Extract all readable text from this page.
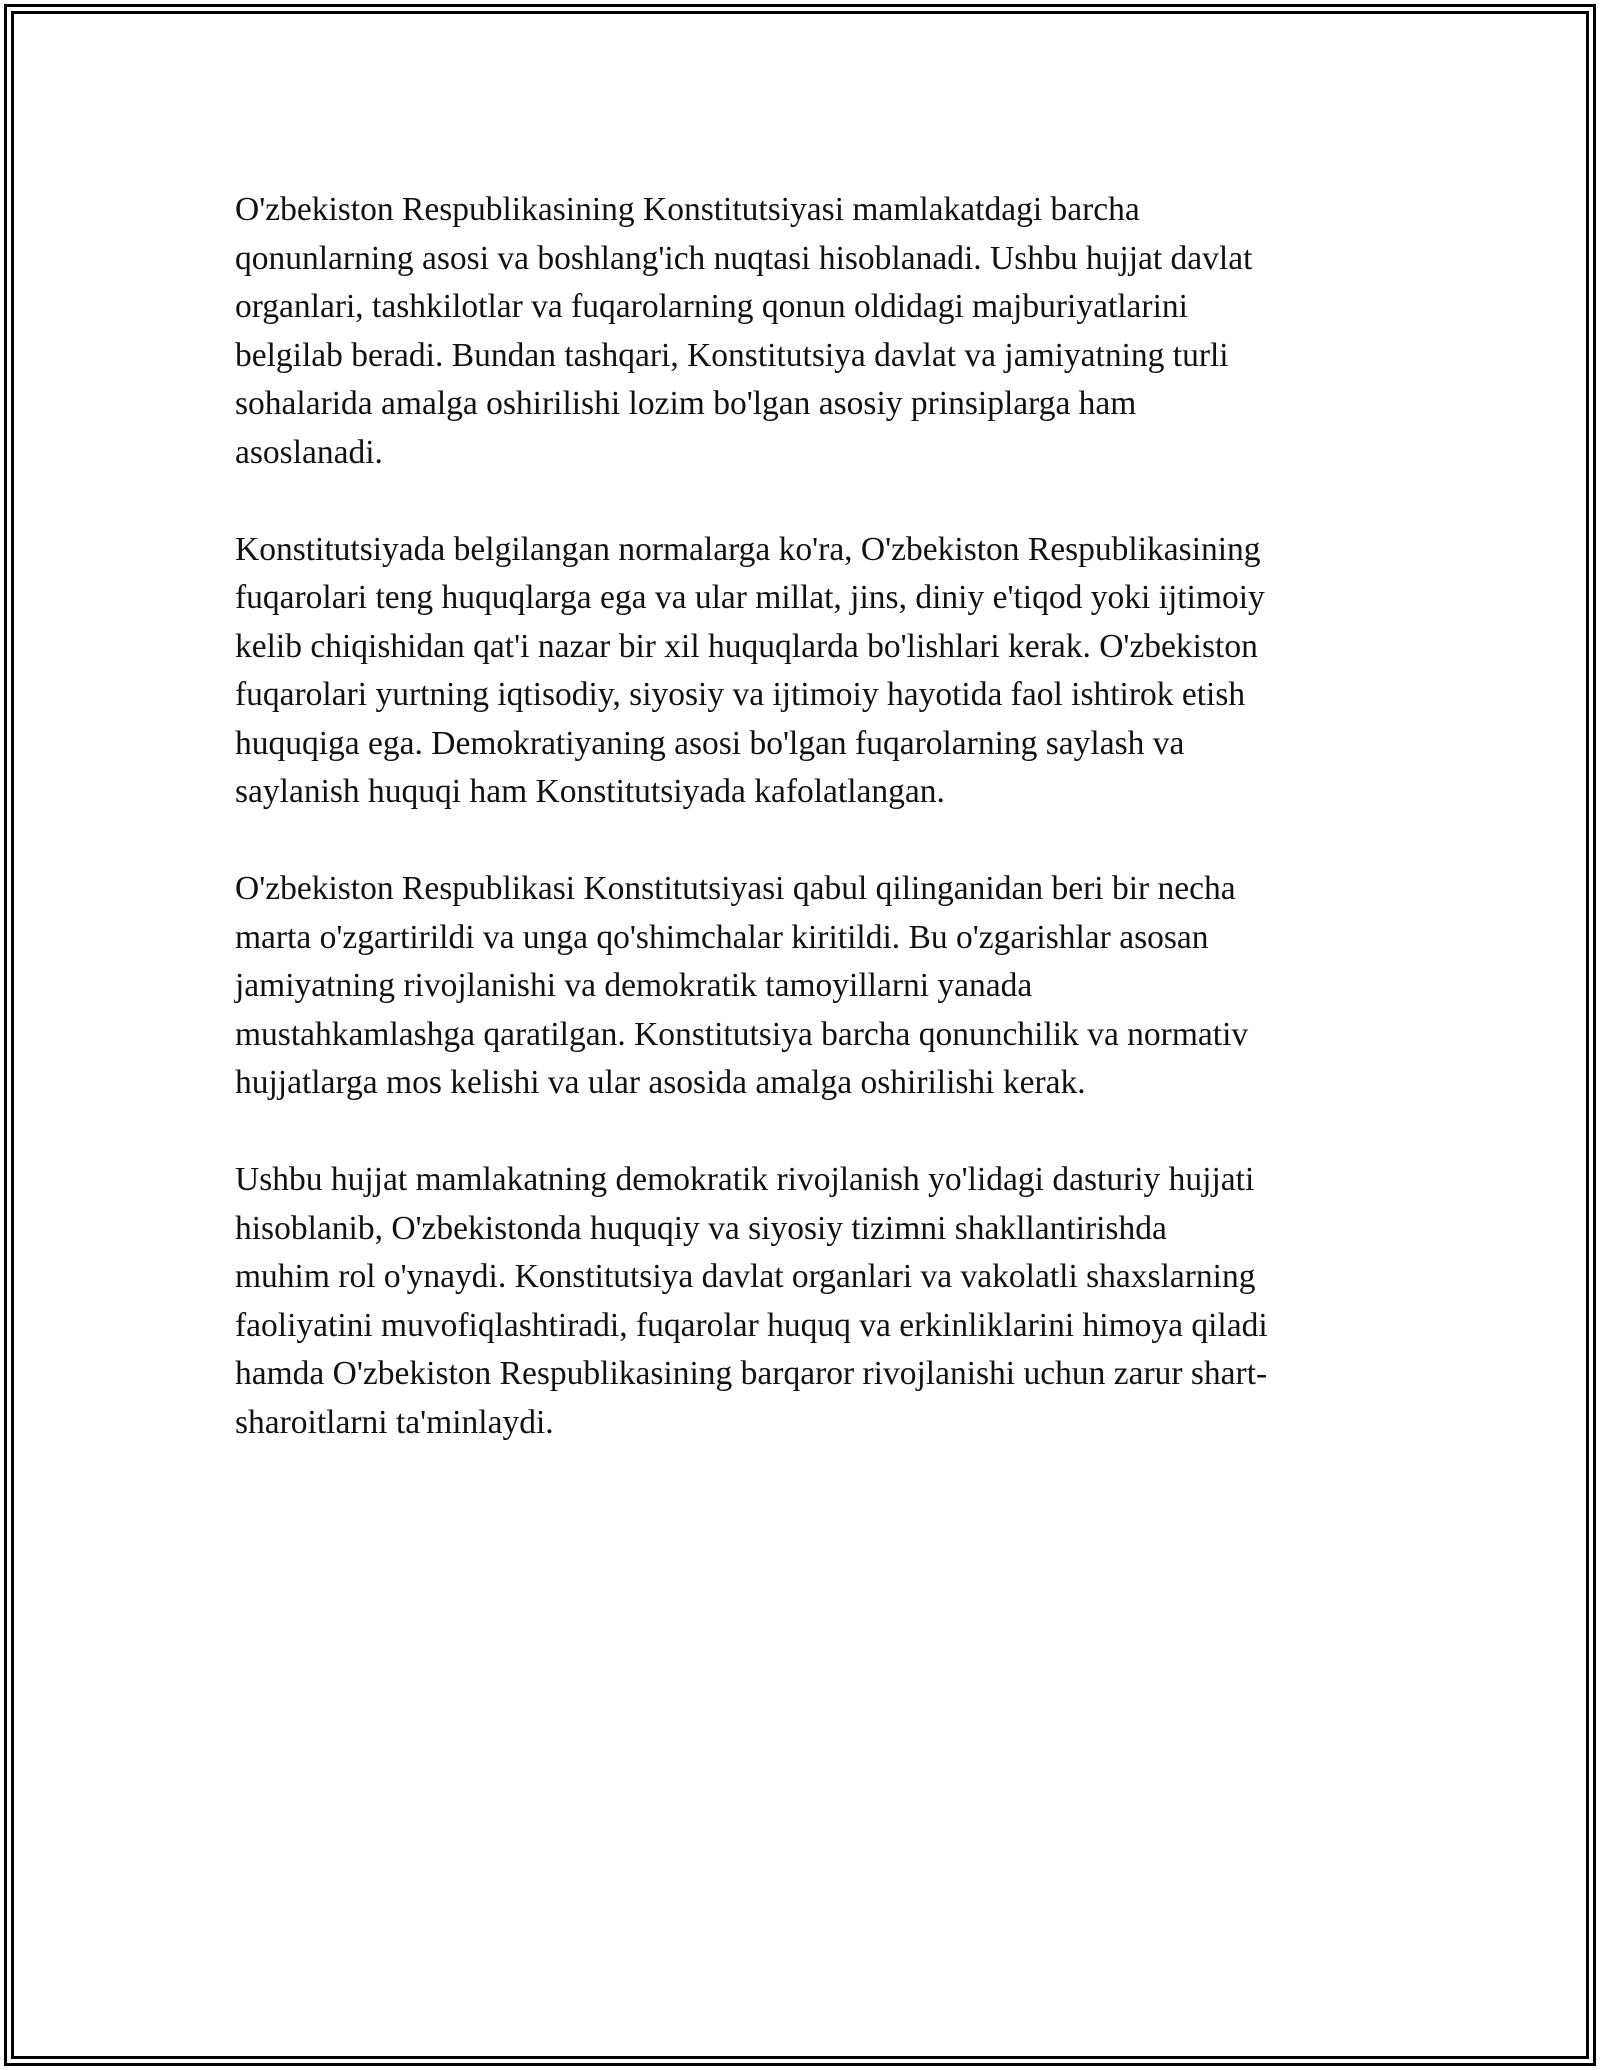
O'zbekiston Respublikasining Konstitutsiyasi mamlakatdagi barcha
qonunlarning asosi va boshlang'ich nuqtasi hisoblanadi. Ushbu hujjat davlat
organlari, tashkilotlar va fuqarolarning qonun oldidagi majburiyatlarini
belgilab beradi. Bundan tashqari, Konstitutsiya davlat va jamiyatning turli
sohalarida amalga oshirilishi lozim bo'lgan asosiy prinsiplarga ham
asoslanadi.

Konstitutsiyada belgilangan normalarga ko'ra, O'zbekiston Respublikasining
fuqarolari teng huquqlarga ega va ular millat, jins, diniy e'tiqod yoki ijtimoiy
kelib chiqishidan qat'i nazar bir xil huquqlarda bo'lishlari kerak. O'zbekiston
fuqarolari yurtning iqtisodiy, siyosiy va ijtimoiy hayotida faol ishtirok etish
huquqiga ega. Demokratiyaning asosi bo'lgan fuqarolarning saylash va
saylanish huquqi ham Konstitutsiyada kafolatlangan.

O'zbekiston Respublikasi Konstitutsiyasi qabul qilinganidan beri bir necha
marta o'zgartirildi va unga qo'shimchalar kiritildi. Bu o'zgarishlar asosan
jamiyatning rivojlanishi va demokratik tamoyillarni yanada
mustahkamlashga qaratilgan. Konstitutsiya barcha qonunchilik va normativ
hujjatlarga mos kelishi va ular asosida amalga oshirilishi kerak.

Ushbu hujjat mamlakatning demokratik rivojlanish yo'lidagi dasturiy hujjati
hisoblanib, O'zbekistonda huquqiy va siyosiy tizimni shakllantirishda
muhim rol o'ynaydi. Konstitutsiya davlat organlari va vakolatli shaxslarning
faoliyatini muvofiqlashtiradi, fuqarolar huquq va erkinliklarini himoya qiladi
hamda O'zbekiston Respublikasining barqaror rivojlanishi uchun zarur shart-
sharoitlarni ta'minlaydi.
